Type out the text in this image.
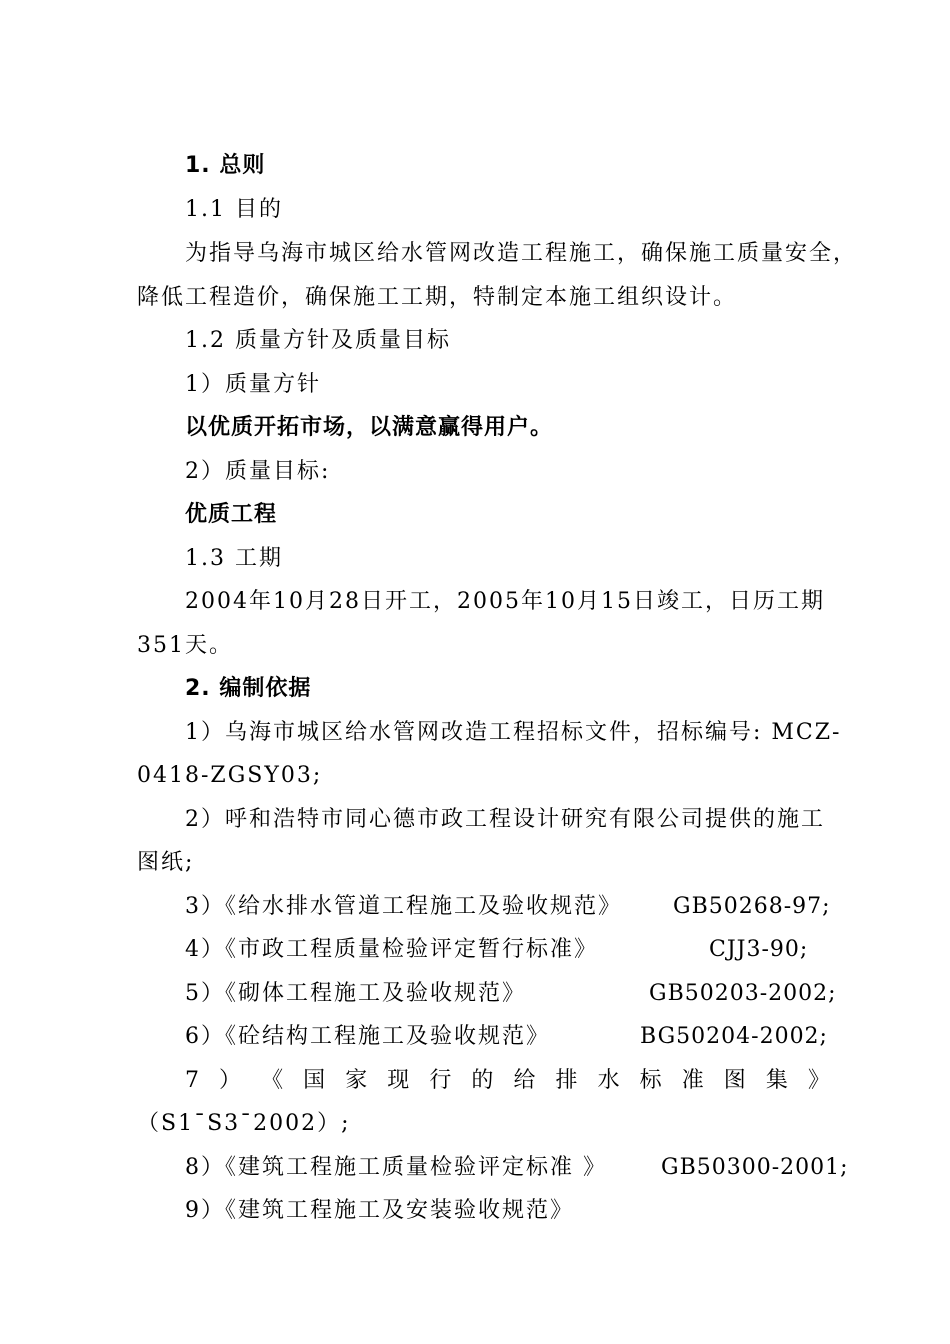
1. 总则
1.1 目的
为指导乌海市城区给水管网改造工程施工，确保施工质量安全，
降低工程造价，确保施工工期，特制定本施工组织设计。
1.2 质量方针及质量目标
1）质量方针
以优质开拓市场，以满意赢得用户。
2）质量目标:
优质工程
1.3 工期
2004年10月28日开工，2005年10月15日竣工，日历工期
351天。
2. 编制依据
1）乌海市城区给水管网改造工程招标文件，招标编号: MCZ-
0418-ZGSY03;
2）呼和浩特市同心德市政工程设计研究有限公司提供的施工
图纸;
3）《给水排水管道工程施工及验收规范》 GB50268-97;
4）《市政工程质量检验评定暂行标准》	CJJ3-90;
5）《砌体工程施工及验收规范》	GB50203-2002;
6）《砼结构工程施工及验收规范》	BG50204-2002;
7 ） 《 国 家 现 行 的 给 排 水 标 准 图 集 》
（S1¯S3¯2002）;
8）《建筑工程施工质量检验评定标准 》 GB50300-2001;
9）《建筑工程施工及安装验收规范》
